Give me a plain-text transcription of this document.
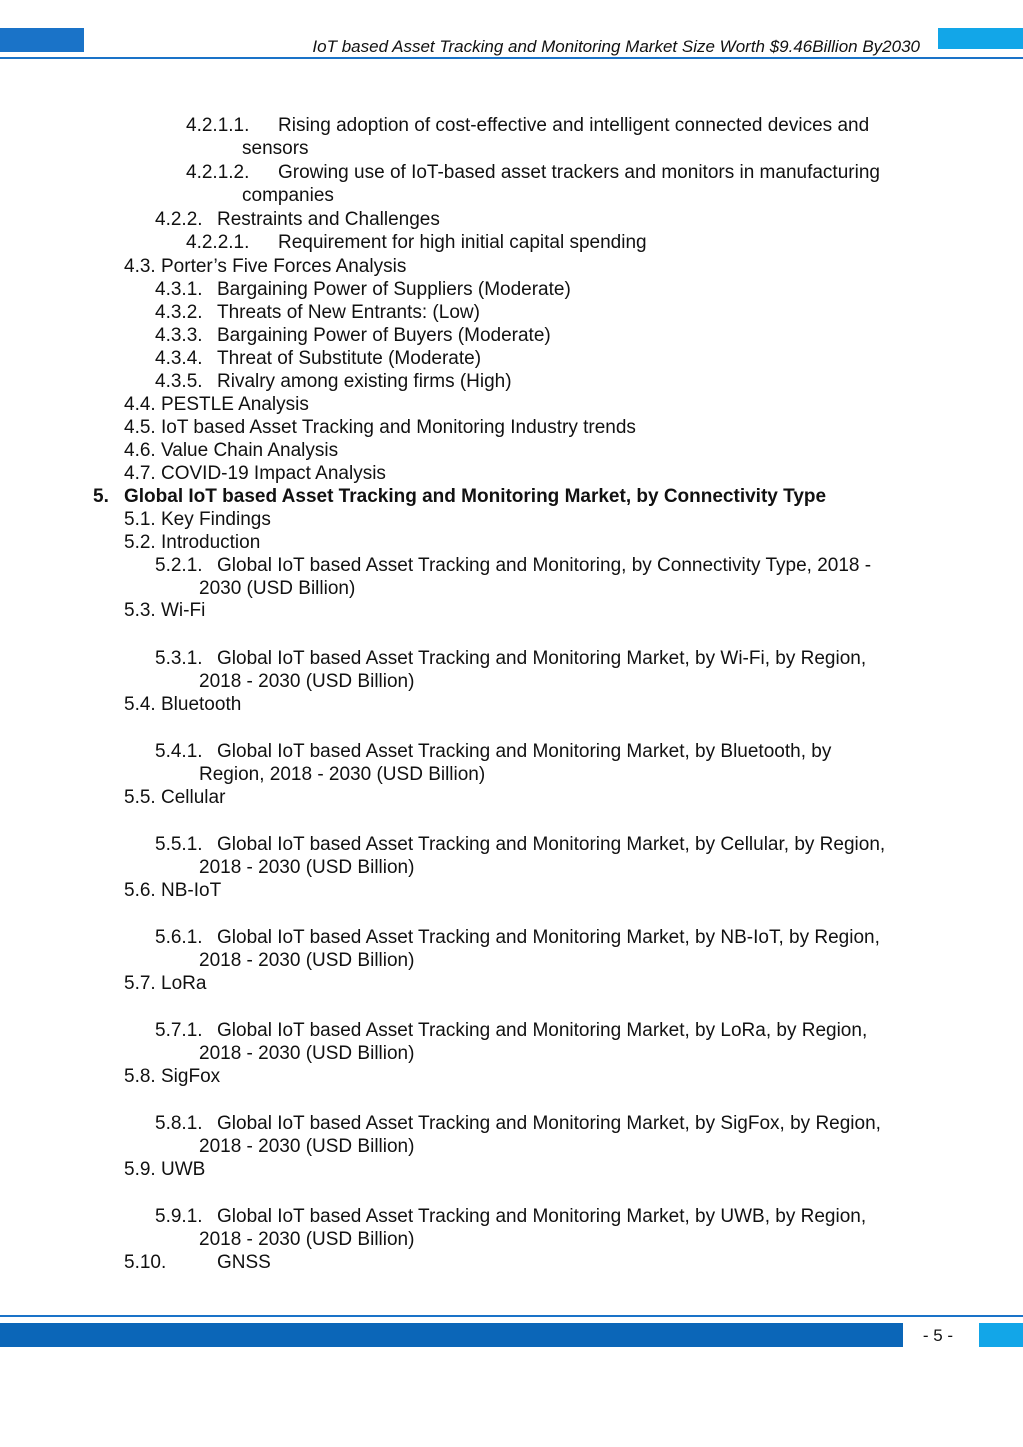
IoT based Asset Tracking and Monitoring Market Size Worth $9.46Billion By2030
4.2.1.1. Rising adoption of cost-effective and intelligent connected devices and
sensors
4.2.1.2. Growing use of IoT-based asset trackers and monitors in manufacturing
companies
4.2.2. Restraints and Challenges
4.2.2.1. Requirement for high initial capital spending
4.3. Porter’s Five Forces Analysis
4.3.1. Bargaining Power of Suppliers (Moderate)
4.3.2. Threats of New Entrants: (Low)
4.3.3. Bargaining Power of Buyers (Moderate)
4.3.4. Threat of Substitute (Moderate)
4.3.5. Rivalry among existing firms (High)
4.4. PESTLE Analysis
4.5. IoT based Asset Tracking and Monitoring Industry trends
4.6. Value Chain Analysis
4.7. COVID-19 Impact Analysis
5. Global IoT based Asset Tracking and Monitoring Market, by Connectivity Type
5.1. Key Findings
5.2. Introduction
5.2.1. Global IoT based Asset Tracking and Monitoring, by Connectivity Type, 2018 -
2030 (USD Billion)
5.3. Wi-Fi
5.3.1. Global IoT based Asset Tracking and Monitoring Market, by Wi-Fi, by Region,
2018 - 2030 (USD Billion)
5.4. Bluetooth
5.4.1. Global IoT based Asset Tracking and Monitoring Market, by Bluetooth, by
Region, 2018 - 2030 (USD Billion)
5.5. Cellular
5.5.1. Global IoT based Asset Tracking and Monitoring Market, by Cellular, by Region,
2018 - 2030 (USD Billion)
5.6. NB-IoT
5.6.1. Global IoT based Asset Tracking and Monitoring Market, by NB-IoT, by Region,
2018 - 2030 (USD Billion)
5.7. LoRa
5.7.1. Global IoT based Asset Tracking and Monitoring Market, by LoRa, by Region,
2018 - 2030 (USD Billion)
5.8. SigFox
5.8.1. Global IoT based Asset Tracking and Monitoring Market, by SigFox, by Region,
2018 - 2030 (USD Billion)
5.9. UWB
5.9.1. Global IoT based Asset Tracking and Monitoring Market, by UWB, by Region,
2018 - 2030 (USD Billion)
5.10.	GNSS
- 5 -
